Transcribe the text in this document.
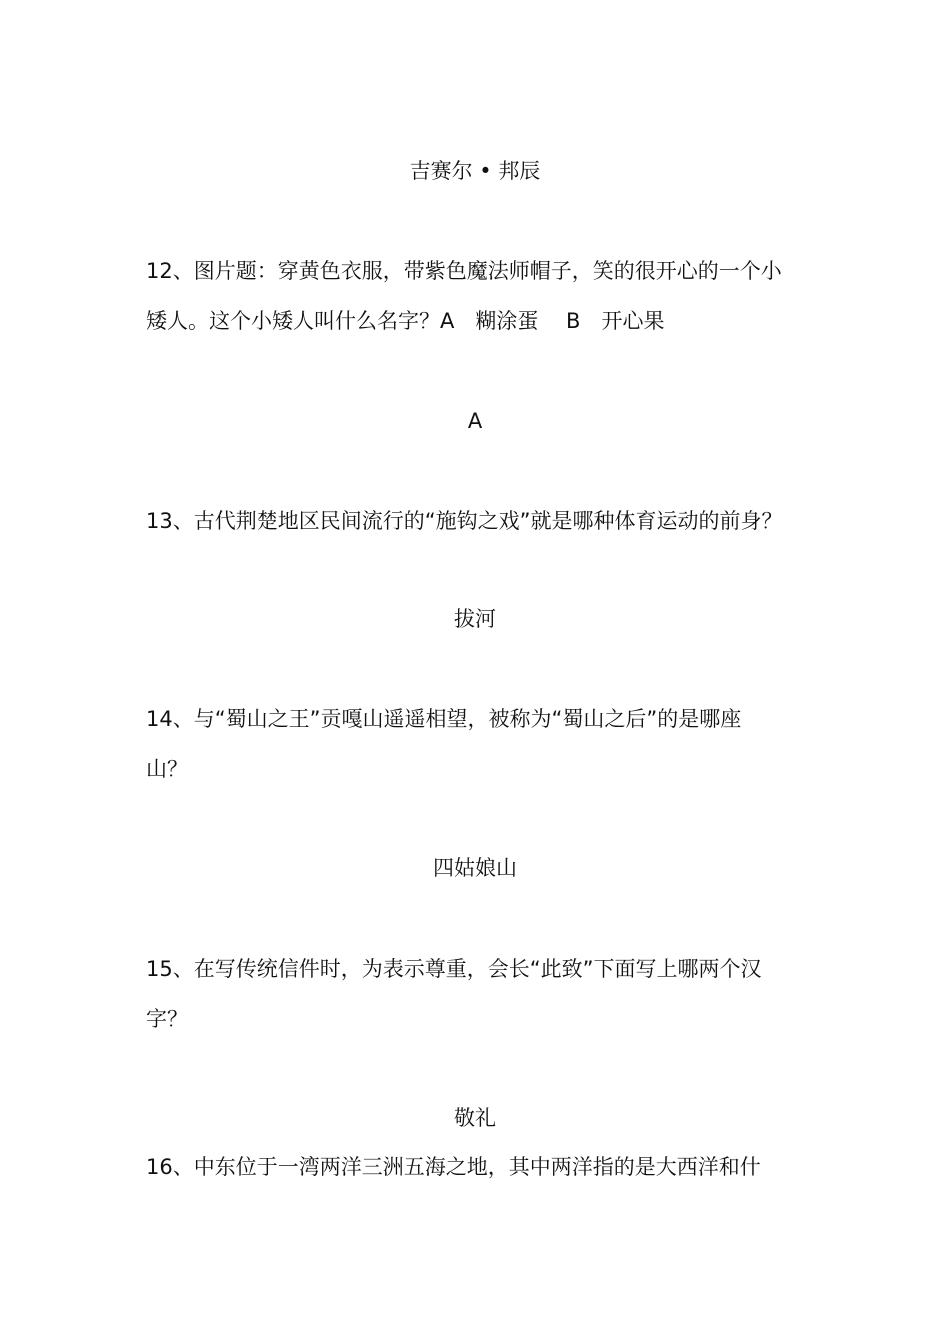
吉赛尔 • 邦辰
12、图片题：穿黄色衣服，带紫色魔法师帽子，笑的很开心的一个小
矮人。这个小矮人叫什么名字？A　糊涂蛋　 B　开心果
A
13、古代荆楚地区民间流行的“施钩之戏”就是哪种体育运动的前身？
拔河
14、与“蜀山之王”贡嘎山遥遥相望，被称为“蜀山之后”的是哪座
山？
四姑娘山
15、在写传统信件时，为表示尊重，会长“此致”下面写上哪两个汉
字？
敬礼
16、中东位于一湾两洋三洲五海之地，其中两洋指的是大西洋和什
